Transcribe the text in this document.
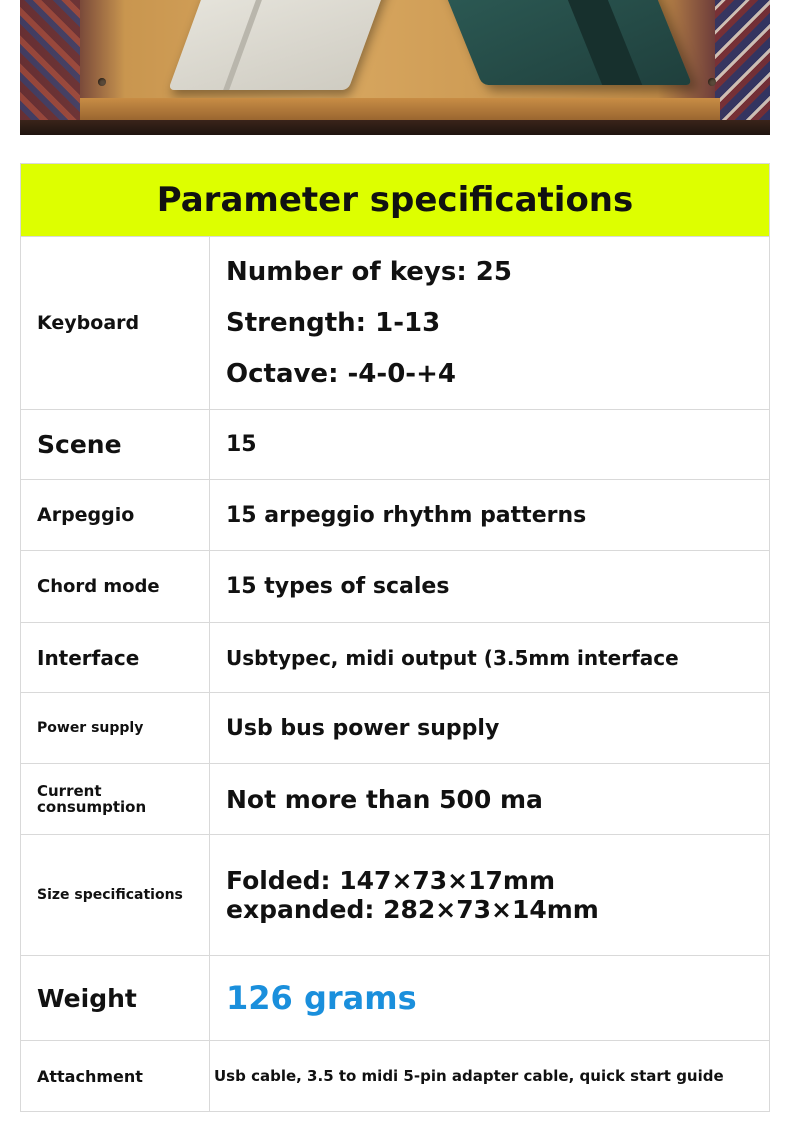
Parameter specifications	
Keyboard	Number of keys: 25
Strength: 1-13
Octave: -4-0-+4

Scene	15
Arpeggio	15 arpeggio rhythm patterns
Chord mode	15 types of scales
Interface	Usbtypec, midi output (3.5mm interface
Power supply	Usb bus power supply

Current
consumption	Not more than 500 ma
Size specifications	Folded: 147×73×17mm
expanded: 282×73×14mm

Weight	126 grams
Attachment	Usb cable, 3.5 to midi 5-pin adapter cable, quick start guide
